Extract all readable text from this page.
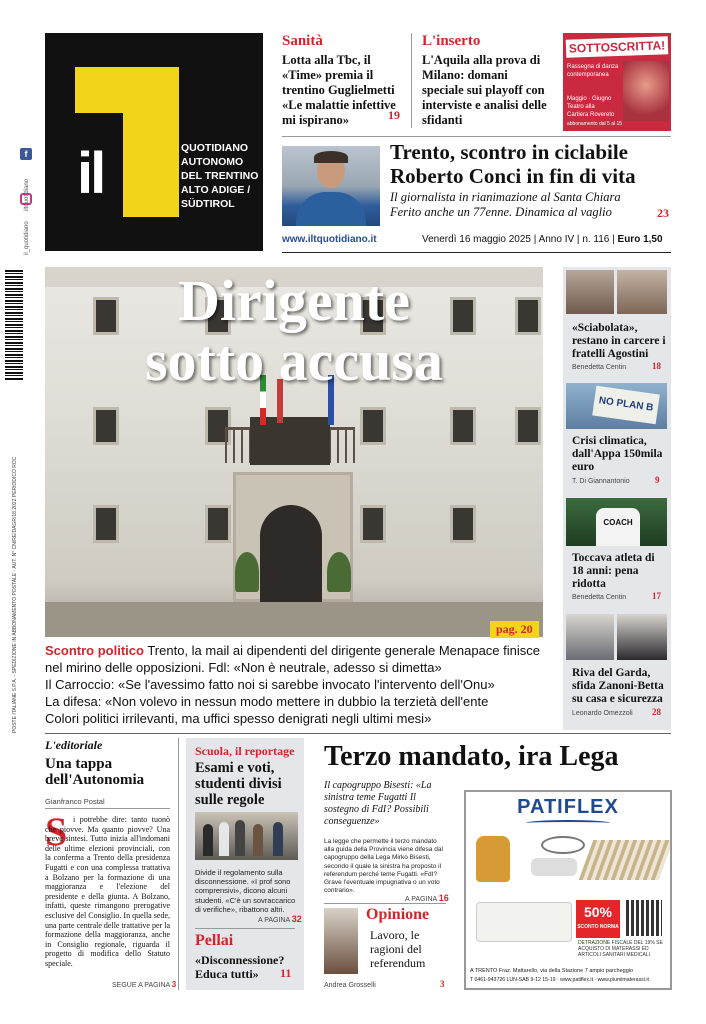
il	QUOTIDIANO
AUTONOMO
DEL TRENTINO
ALTO ADIGE /
SÜDTIROL
f
iltquotidiano
il_quotidiano
Sanità
Lotta alla Tbc, il «Time» premia il trentino Guglielmetti «Le malattie infettive mi ispirano»	19
L'inserto
L'Aquila alla prova di Milano: domani speciale sui playoff con interviste e analisi delle sfidanti
SOTTOSCRITTA!
Rassegna di danza contemporanea
Maggio · Giugno Teatro alla Cartiera Rovereto
abbonamento dal 5 al 15
Trento, scontro in ciclabile
Roberto Conci in fin di vita
Il giornalista in rianimazione al Santa Chiara
Ferito anche un 77enne. Dinamica al vaglio	23
www.iltquotidiano.it	Venerdì 16 maggio 2025 | Anno IV | n. 116 | Euro 1,50
POSTE ITALIANE S.P.A. - SPEDIZIONE IN ABBONAMENTO POSTALE - AUT. N° CN/RE/DAGR/18.2022 PERIODICO ROC
Dirigente
sotto accusa
pag. 20
Scontro politico Trento, la mail ai dipendenti del dirigente generale Menapace finisce nel mirino delle opposizioni. Fdl: «Non è neutrale, adesso si dimetta»
Il Carroccio: «Se l'avessimo fatto noi si sarebbe invocato l'intervento dell'Onu»
La difesa: «Non volevo in nessun modo mettere in dubbio la terzietà dell'ente
Colori politici irrilevanti, ma uffici spesso denigrati negli ultimi mesi»
«Sciabolata», restano in carcere i fratelli Agostini
Benedetta Centin	18
NO PLAN B
Crisi climatica, dall'Appa 150mila euro
T. Di Giannantonio	9
COACH
Toccava atleta di 18 anni: pena ridotta
Benedetta Centin	17
Riva del Garda, sfida Zanoni-Betta su casa e sicurezza
Leonardo Omezzoli 28
L'editoriale
Una tappa dell'Autonomia
Gianfranco Postal
S i potrebbe dire: tanto tuonò che piovve. Ma quanto piovve? Una breve sintesi. Tutto inizia all'indomani delle ultime elezioni provinciali, con la conferma a Trento della presidenza Fugatti e con una complessa trattativa a Bolzano per la formazione di una maggioranza e l'elezione del presidente e della giunta. A Bolzano, infatti, queste rimangono prerogative esclusive del Consiglio. In quella sede, una parte centrale delle trattative per la formazione della maggioranza, anche in Consiglio regionale, riguarda il progetto di modifica dello Statuto speciale.
SEGUE A PAGINA 3
Scuola, il reportage
Esami e voti, studenti divisi sulle regole
Divide il regolamento sulla disconnessione. «I prof sono comprensivi», dicono alcuni studenti. «C'è un sovraccarico di verifiche», ribattono altri.
A PAGINA 32
Pellai
«Disconnessione? Educa tutti»	11
Terzo mandato, ira Lega
Il capogruppo Bisesti: «La sinistra teme Fugatti Il sostegno di FdI? Possibili conseguenze»
La legge che permette il terzo mandato alla guida della Provincia viene difesa dal capogruppo della Lega Mirko Bisesti, secondo il quale la sinistra ha proposto il referendum perché teme Fugatti. «FdI? Grave l'eventuale impugnativa o un voto contrario».
A PAGINA 16
Opinione
Lavoro, le ragioni del referendum
Andrea Grosselli	3
PATIFLEX
50%
SCONTO NORMA
DETRAZIONE FISCALE DEL 19% SE ACQUISTO DI MATERASSI ED ARTICOLI SANITARI MEDICALI
A TRENTO Fraz. Mattarello, via della Stazione 7 ampio parcheggio
T 0461-943726 LUN-SAB 9-12 15-19 · www.patiflex.it · www.piumimaterassi.it
